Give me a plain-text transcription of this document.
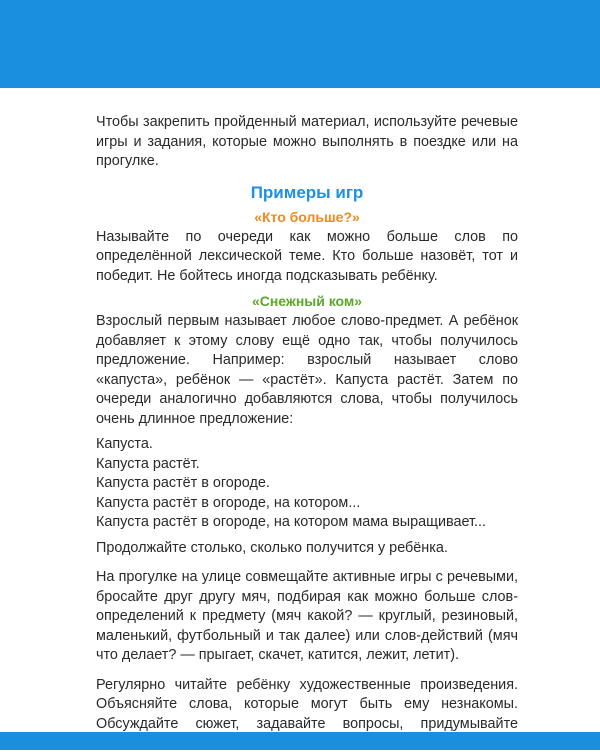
Чтобы закрепить пройденный материал, используйте речевые игры и задания, которые можно выполнять в поездке или на прогулке.

Примеры игр
«Кто больше?»

Называйте по очереди как можно больше слов по определённой лексической теме. Кто больше назовёт, тот и победит. Не бойтесь иногда подсказывать ребёнку.

«Снежный ком»

Взрослый первым называет любое слово-предмет. А ребёнок добавляет к этому слову ещё одно так, чтобы получилось предложение. Например: взрослый называет слово «капуста», ребёнок — «растёт». Капуста растёт. Затем по очереди аналогично добавляются слова, чтобы получилось очень длинное предложение:

Капуста.

Капуста растёт.

Капуста растёт в огороде.

Капуста растёт в огороде, на котором...

Капуста растёт в огороде, на котором мама выращивает...

Продолжайте столько, сколько получится у ребёнка.

На прогулке на улице совмещайте активные игры с речевыми, бросайте друг другу мяч, подбирая как можно больше слов-определений к предмету (мяч какой? — круглый, резиновый, маленький, футбольный и так далее) или слов-действий (мяч что делает? — прыгает, скачет, катится, лежит, летит).

Регулярно читайте ребёнку художественные произведения. Объясняйте слова, которые могут быть ему незнакомы. Обсуждайте сюжет, задавайте вопросы, придумывайте
